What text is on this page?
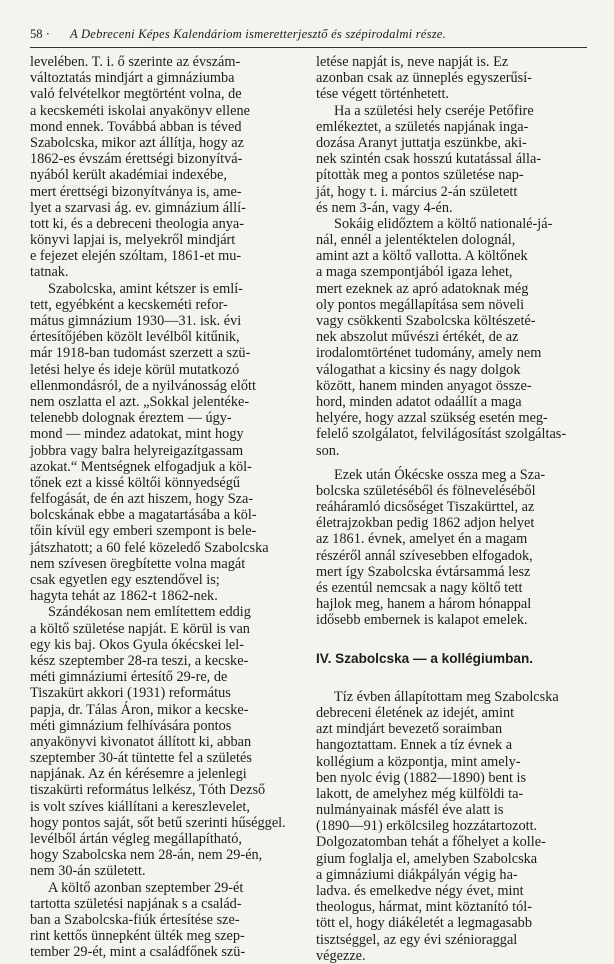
58 · A Debreceni Képes Kalendáriom ismeretterjesztő és szépirodalmi része.
levelében. T. i. ő szerinte az évszám-
változtatás mindjárt a gimnáziumba
való felvételkor megtörtént volna, de
a kecskeméti iskolai anyakönyv ellene
mond ennek. Továbbá abban is téved
Szabolcska, mikor azt állítja, hogy az
1862-es évszám érettségi bizonyítvá-
nyából került akadémiai indexébe,
mert érettségi bizonyítványa is, ame-
lyet a szarvasi ág. ev. gimnázium állí-
tott ki, és a debreceni theologia anya-
könyvi lapjai is, melyekről mindjárt
e fejezet elején szóltam, 1861-et mu-
tatnak.
Szabolcska, amint kétszer is emlí-
tett, egyébként a kecskeméti refor-
mátus gimnázium 1930—31. isk. évi
értesítőjében közölt levélből kitűnik,
már 1918-ban tudomást szerzett a szü-
letési helye és ideje körül mutatkozó
ellenmondásról, de a nyilvánosság előtt
nem oszlatta el azt. „Sokkal jelentéke-
telenebb dolognak éreztem — úgy-
mond — mindez adatokat, mint hogy
jobbra vagy balra helyreigazítgassam
azokat.“ Mentségnek elfogadjuk a köl-
tőnek ezt a kissé költői könnyedségű
felfogását, de én azt hiszem, hogy Sza-
bolcskának ebbe a magatartásába a köl-
tőin kívül egy emberi szempont is bele-
játszhatott; a 60 felé közeledő Szabolcska
nem szívesen öregbítette volna magát
csak egyetlen egy esztendővel is;
hagyta tehát az 1862-t 1862-nek.
Szándékosan nem említettem eddig
a költő születése napját. E körül is van
egy kis baj. Okos Gyula ókécskei lel-
kész szeptember 28-ra teszi, a kecske-
méti gimnáziumi értesítő 29-re, de
Tiszakürt akkori (1931) református
papja, dr. Tálas Áron, mikor a kecske-
méti gimnázium felhívására pontos
anyakönyvi kivonatot állított ki, abban
szeptember 30-át tüntette fel a születés
napjának. Az én kérésemre a jelenlegi
tiszakürti református lelkész, Tóth Dezső
is volt szíves kiállítani a kereszlevelet,
hogy pontos saját, sőt betű szerinti hűséggel.
levélből ártán végleg megállapítható,
hogy Szabolcska nem 28-án, nem 29-én,
nem 30-án született.
A költő azonban szeptember 29-ét
tartotta születési napjának s a család-
ban a Szabolcska-fiúk értesítése sze-
rint kettős ünnepként ülték meg szep-
tember 29-ét, mint a családfőnek szü-
letése napját is, neve napját is. Ez
azonban csak az ünneplés egyszerűsí-
tése végett történhetett.
Ha a születési hely cseréje Petőfire
emlékeztet, a születés napjának inga-
dozása Aranyt juttatja eszünkbe, aki-
nek szintén csak hosszú kutatással álla-
pítottàk meg a pontos születése nap-
ját, hogy t. i. március 2-án született
és nem 3-án, vagy 4-én.
Sokáig elidőztem a költő nationalé-já-
nál, ennél a jelentéktelen dolognál,
amint azt a költő vallotta. A költőnek
a maga szempontjából igaza lehet,
mert ezeknek az apró adatoknak még
oly pontos megállapítása sem növeli
vagy csökkenti Szabolcska költészeté-
nek abszolut művészi értékét, de az
irodalomtörténet tudomány, amely nem
válogathat a kicsiny és nagy dolgok
között, hanem minden anyagot össze-
hord, minden adatot odaállít a maga
helyére, hogy azzal szükség esetén meg-
felelő szolgálatot, felvilágosítást szolgáltas-
son.
Ezek után Ókécske ossza meg a Sza-
bolcska születéséből és fölneveléséből
reáháramló dicsőséget Tiszakürttel, az
életrajzokban pedig 1862 adjon helyet
az 1861. évnek, amelyet én a magam
részéről annál szívesebben elfogadok,
mert így Szabolcska évtársammá lesz
és ezentúl nemcsak a nagy költő tett
hajlok meg, hanem a három hónappal
idősebb embernek is kalapot emelek.
IV. Szabolcska — a kollégiumban.
Tíz évben állapítottam meg Szabolcska
debreceni életének az idejét, amint
azt mindjárt bevezető soraimban
hangoztattam. Ennek a tíz évnek a
kollégium a központja, mint amely-
ben nyolc évig (1882—1890) bent is
lakott, de amelyhez még külföldi ta-
nulmányainak másfél éve alatt is
(1890—91) erkölcsileg hozzátartozott.
Dolgozatomban tehát a főhelyet a kolle-
gium foglalja el, amelyben Szabolcska
a gimnáziumi diákpályán végig ha-
ladva. és emelkedve négy évet, mint
theologus, hármat, mint köztanító tól-
tött el, hogy diákéletét a legmagasabb
tisztséggel, az egy évi szénioraggal
végezze.
